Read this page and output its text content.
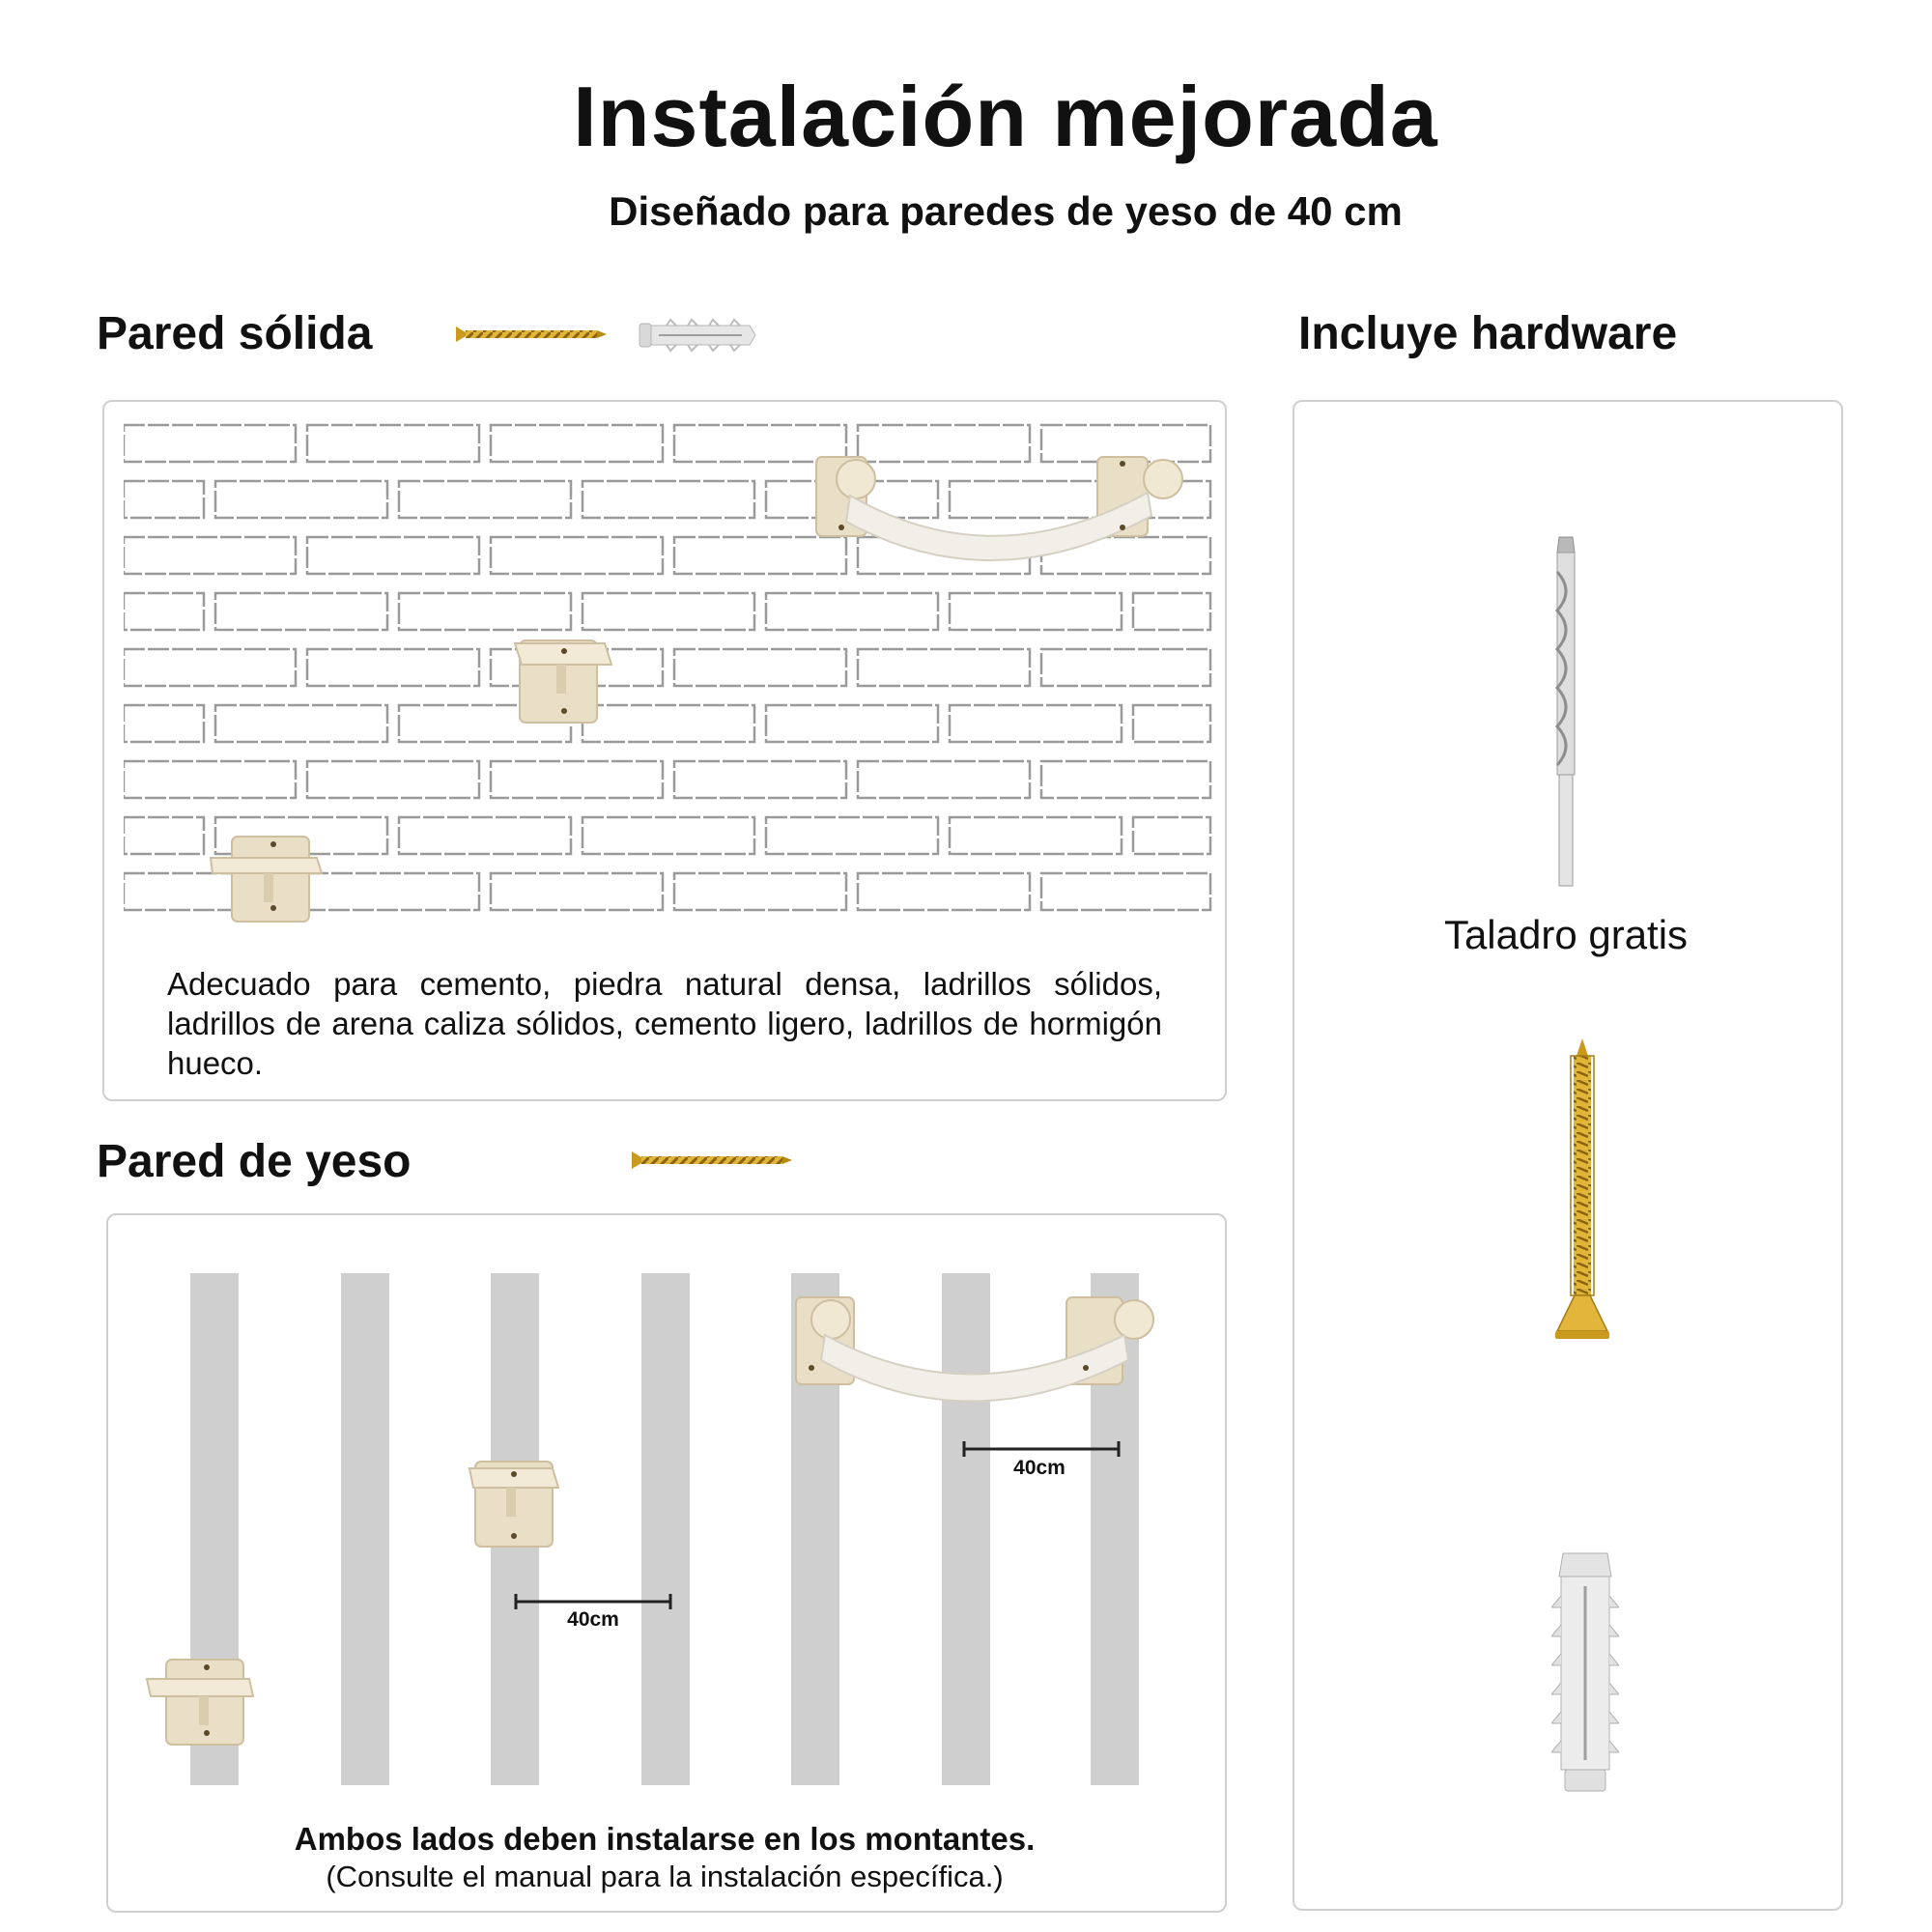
Instalación mejorada
Diseñado para paredes de yeso de 40 cm
Pared sólida
Adecuado para cemento, piedra natural densa, ladrillos sólidos, ladrillos de arena caliza sólidos, cemento ligero, ladrillos de hormigón hueco.
Pared de yeso
40cm
40cm
Ambos lados deben instalarse en los montantes.
(Consulte el manual para la instalación específica.)
Incluye hardware
Taladro gratis
